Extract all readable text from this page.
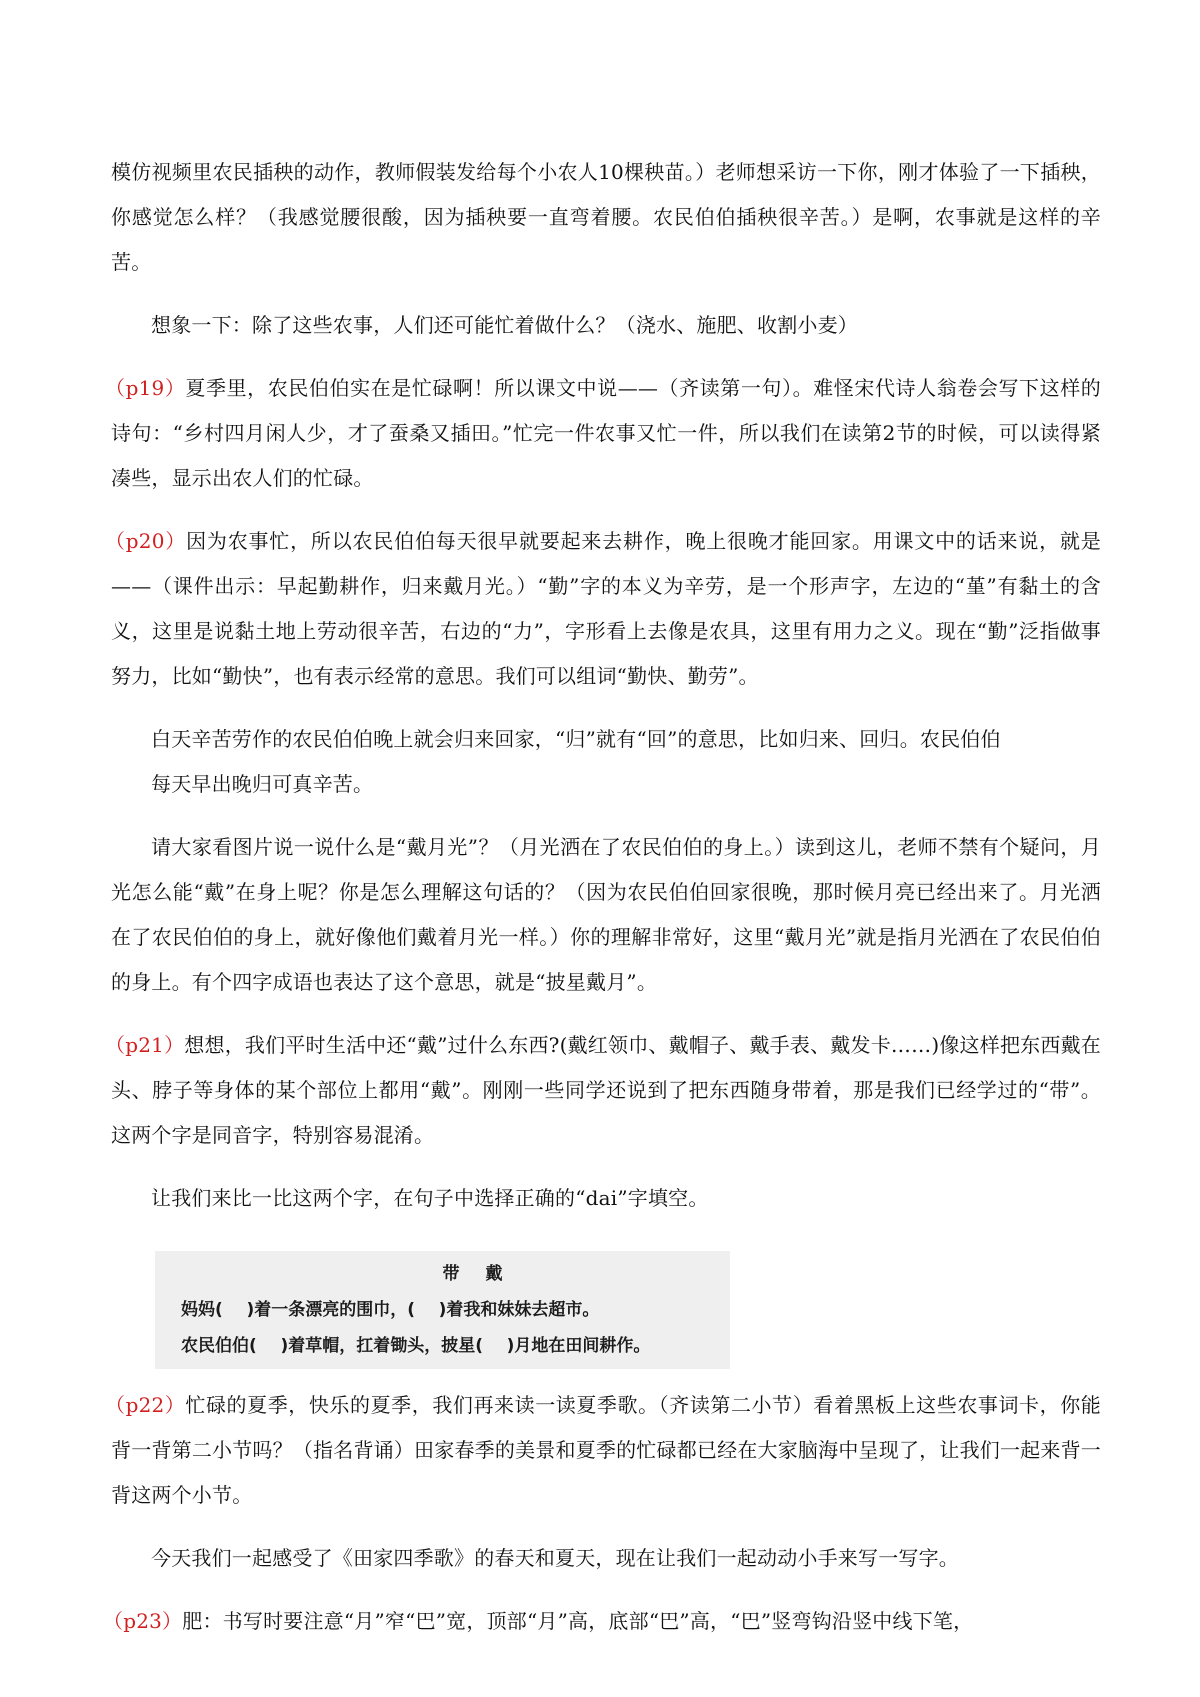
模仿视频里农民插秧的动作，教师假装发给每个小农人10棵秧苗。）老师想采访一下你，刚才体验了一下插秧，你感觉怎么样？（我感觉腰很酸，因为插秧要一直弯着腰。农民伯伯插秧很辛苦。）是啊，农事就是这样的辛苦。

想象一下：除了这些农事，人们还可能忙着做什么？（浇水、施肥、收割小麦）

（p19）夏季里，农民伯伯实在是忙碌啊！所以课文中说——（齐读第一句）。难怪宋代诗人翁卷会写下这样的诗句：“乡村四月闲人少，才了蚕桑又插田。”忙完一件农事又忙一件，所以我们在读第2节的时候，可以读得紧凑些，显示出农人们的忙碌。

（p20）因为农事忙，所以农民伯伯每天很早就要起来去耕作，晚上很晚才能回家。用课文中的话来说，就是——（课件出示：早起勤耕作，归来戴月光。）“勤”字的本义为辛劳，是一个形声字，左边的“堇”有黏土的含义，这里是说黏土地上劳动很辛苦，右边的“力”，字形看上去像是农具，这里有用力之义。现在“勤”泛指做事努力，比如“勤快”，也有表示经常的意思。我们可以组词“勤快、勤劳”。

白天辛苦劳作的农民伯伯晚上就会归来回家，“归”就有“回”的意思，比如归来、回归。农民伯伯

每天早出晚归可真辛苦。

请大家看图片说一说什么是“戴月光”？（月光洒在了农民伯伯的身上。）读到这儿，老师不禁有个疑问，月光怎么能“戴”在身上呢？你是怎么理解这句话的？（因为农民伯伯回家很晚，那时候月亮已经出来了。月光洒在了农民伯伯的身上，就好像他们戴着月光一样。）你的理解非常好，这里“戴月光”就是指月光洒在了农民伯伯的身上。有个四字成语也表达了这个意思，就是“披星戴月”。

（p21）想想，我们平时生活中还“戴”过什么东西?(戴红领巾、戴帽子、戴手表、戴发卡……)像这样把东西戴在头、脖子等身体的某个部位上都用“戴”。刚刚一些同学还说到了把东西随身带着，那是我们已经学过的“带”。这两个字是同音字，特别容易混淆。

让我们来比一比这两个字，在句子中选择正确的“dai”字填空。

带 戴
妈妈(    )着一条漂亮的围巾，(    )着我和妹妹去超市。
农民伯伯(    )着草帽，扛着锄头，披星(    )月地在田间耕作。

（p22）忙碌的夏季，快乐的夏季，我们再来读一读夏季歌。（齐读第二小节）看着黑板上这些农事词卡，你能背一背第二小节吗？（指名背诵）田家春季的美景和夏季的忙碌都已经在大家脑海中呈现了，让我们一起来背一背这两个小节。

今天我们一起感受了《田家四季歌》的春天和夏天，现在让我们一起动动小手来写一写字。

（p23）肥：书写时要注意“月”窄“巴”宽，顶部“月”高，底部“巴”高，“巴”竖弯钩沿竖中线下笔，
